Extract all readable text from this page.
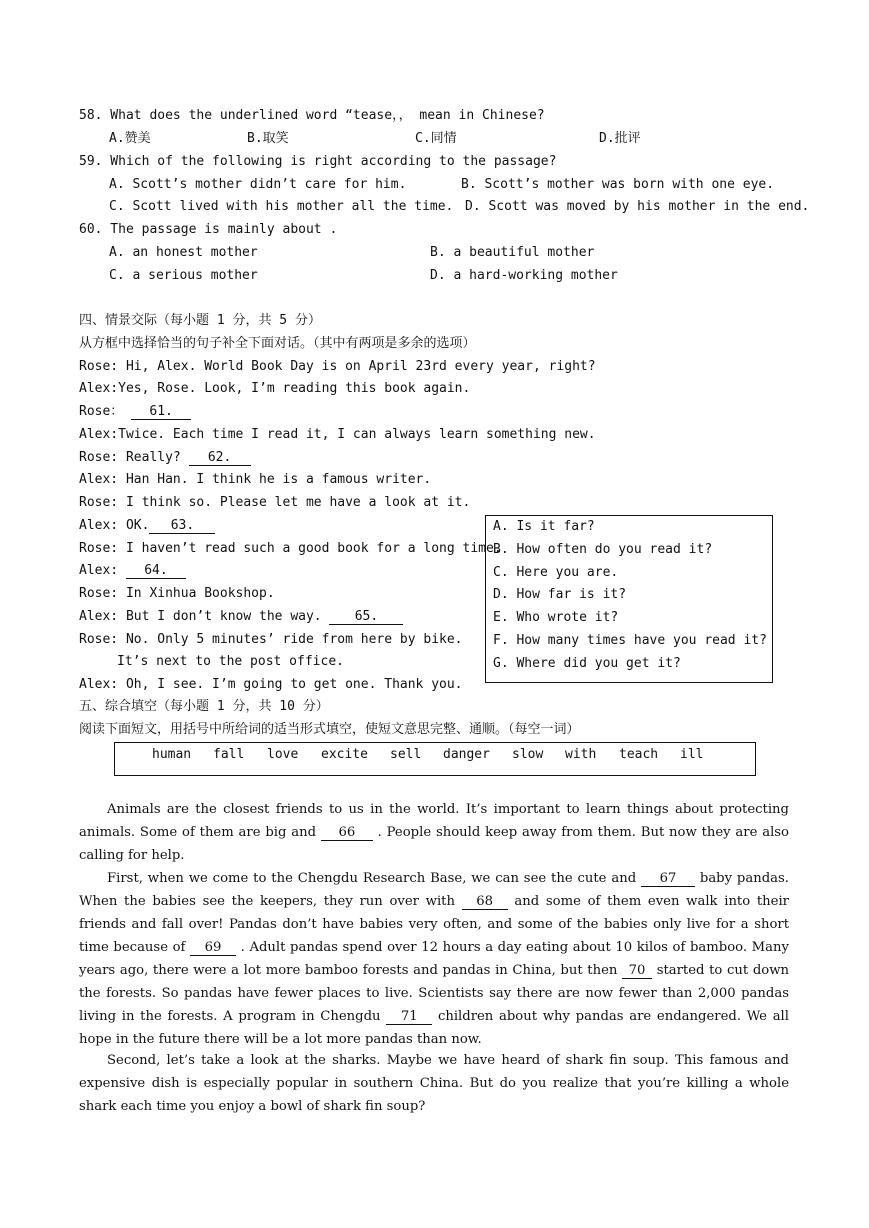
58. What does the underlined word “tease，， mean in Chinese?
A.赞美	B.取笑	C.同情	D.批评
59. Which of the following is right according to the passage?
A. Scott’s mother didn’t care for him.	B. Scott’s mother was born with one eye.
C. Scott lived with his mother all the time. D. Scott was moved by his mother in the end.
60. The passage is mainly about .
A. an honest mother	B. a beautiful mother
C. a serious mother	D. a hard-working mother
四、情景交际（每小题 1 分，共 5 分）
从方框中选择恰当的句子补全下面对话。（其中有两项是多余的选项）
Rose: Hi, Alex. World Book Day is on April 23rd every year, right?
Alex:Yes, Rose. Look, I’m reading this book again.
Rose： 61.
Alex:Twice. Each time I read it, I can always learn something new.
Rose: Really? 62.
Alex: Han Han. I think he is a famous writer.
Rose: I think so. Please let me have a look at it.
Alex: OK. 63.
Rose: I haven’t read such a good book for a long time.
Alex: 64.
Rose: In Xinhua Bookshop.
Alex: But I don’t know the way. 65.
Rose: No. Only 5 minutes’ ride from here by bike.
It’s next to the post office.
Alex: Oh, I see. I’m going to get one. Thank you.
A. Is it far?
B. How often do you read it?
C. Here you are.
D. How far is it?
E. Who wrote it?
F. How many times have you read it?
G. Where did you get it?
五、综合填空（每小题 1 分，共 10 分）
阅读下面短文，用括号中所给词的适当形式填空，使短文意思完整、通顺。（每空一词）
human fall love excite sell danger slow with teach ill
Animals are the closest friends to us in the world. It’s important to learn things about protecting animals. Some of them are big and 66 . People should keep away from them. But now they are also calling for help.
First, when we come to the Chengdu Research Base, we can see the cute and 67 baby pandas. When the babies see the keepers, they run over with 68 and some of them even walk into their friends and fall over! Pandas don’t have babies very often, and some of the babies only live for a short time because of 69 . Adult pandas spend over 12 hours a day eating about 10 kilos of bamboo. Many years ago, there were a lot more bamboo forests and pandas in China, but then 70 started to cut down the forests. So pandas have fewer places to live. Scientists say there are now fewer than 2,000 pandas living in the forests. A program in Chengdu 71 children about why pandas are endangered. We all hope in the future there will be a lot more pandas than now.
Second, let’s take a look at the sharks. Maybe we have heard of shark fin soup. This famous and expensive dish is especially popular in southern China. But do you realize that you’re killing a whole shark each time you enjoy a bowl of shark fin soup?
